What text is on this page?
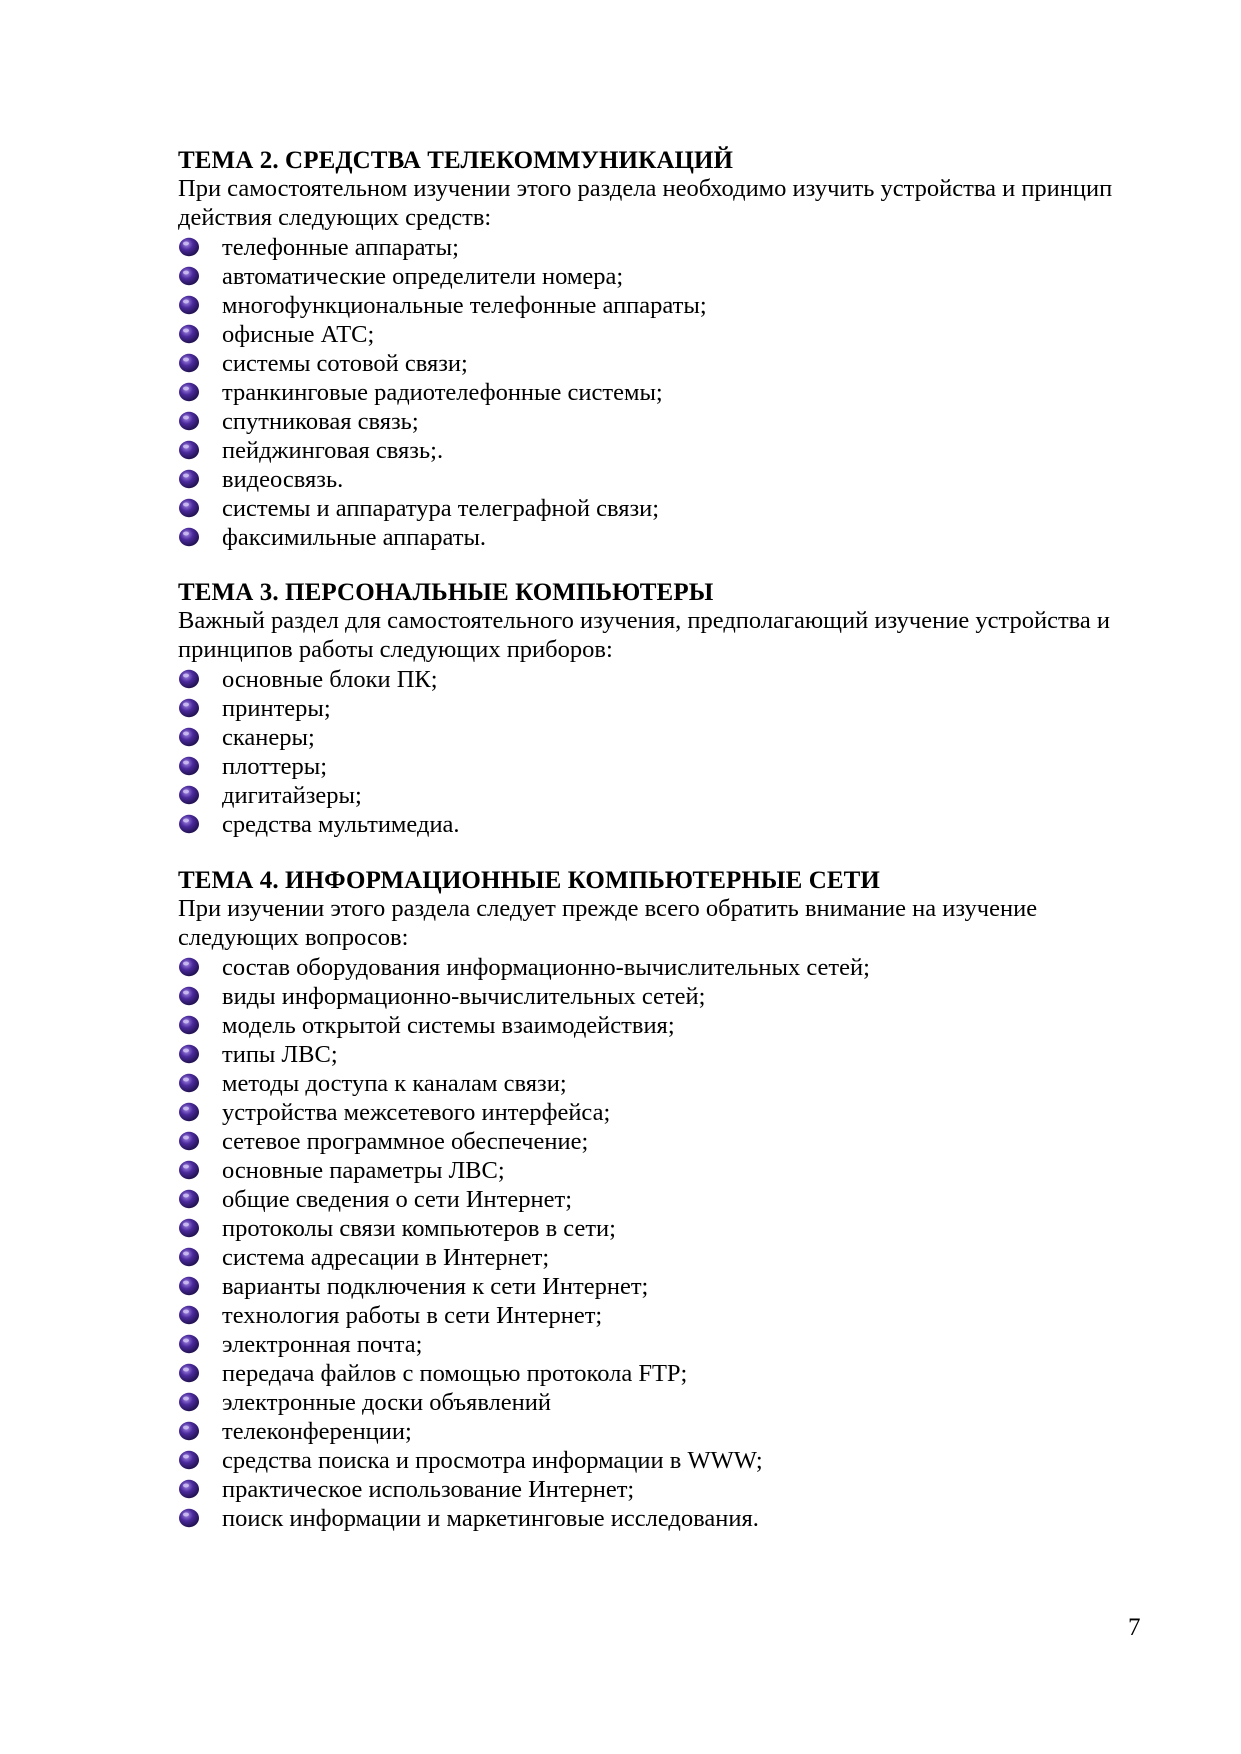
ТЕМА 2. СРЕДСТВА ТЕЛЕКОММУНИКАЦИЙ

При самостоятельном изучении этого раздела необходимо изучить устройства и принцип
действия следующих средств:

телефонные аппараты;
автоматические определители номера;
многофункциональные телефонные аппараты;
офисные АТС;
системы сотовой связи;
транкинговые радиотелефонные системы;
спутниковая связь;
пейджинговая связь;.
видеосвязь.
системы и аппаратура телеграфной связи;
факсимильные аппараты.
ТЕМА 3. ПЕРСОНАЛЬНЫЕ КОМПЬЮТЕРЫ

Важный раздел для самостоятельного изучения, предполагающий изучение устройства и
принципов работы следующих приборов:

основные блоки ПК;
принтеры;
сканеры;
плоттеры;
дигитайзеры;
средства мультимедиа.
ТЕМА 4. ИНФОРМАЦИОННЫЕ КОМПЬЮТЕРНЫЕ СЕТИ

При изучении этого раздела следует прежде всего обратить внимание на изучение
следующих вопросов:

состав оборудования информационно-вычислительных сетей;
виды информационно-вычислительных сетей;
модель открытой системы взаимодействия;
типы ЛВС;
методы доступа к каналам связи;
устройства межсетевого интерфейса;
сетевое программное обеспечение;
основные параметры ЛВС;
общие сведения о сети Интернет;
протоколы связи компьютеров в сети;
система адресации в Интернет;
варианты подключения к сети Интернет;
технология работы в сети Интернет;
электронная почта;
передача файлов с помощью протокола FTP;
электронные доски объявлений
телеконференции;
средства поиска и просмотра информации в WWW;
практическое использование Интернет;
поиск информации и маркетинговые исследования.
7
